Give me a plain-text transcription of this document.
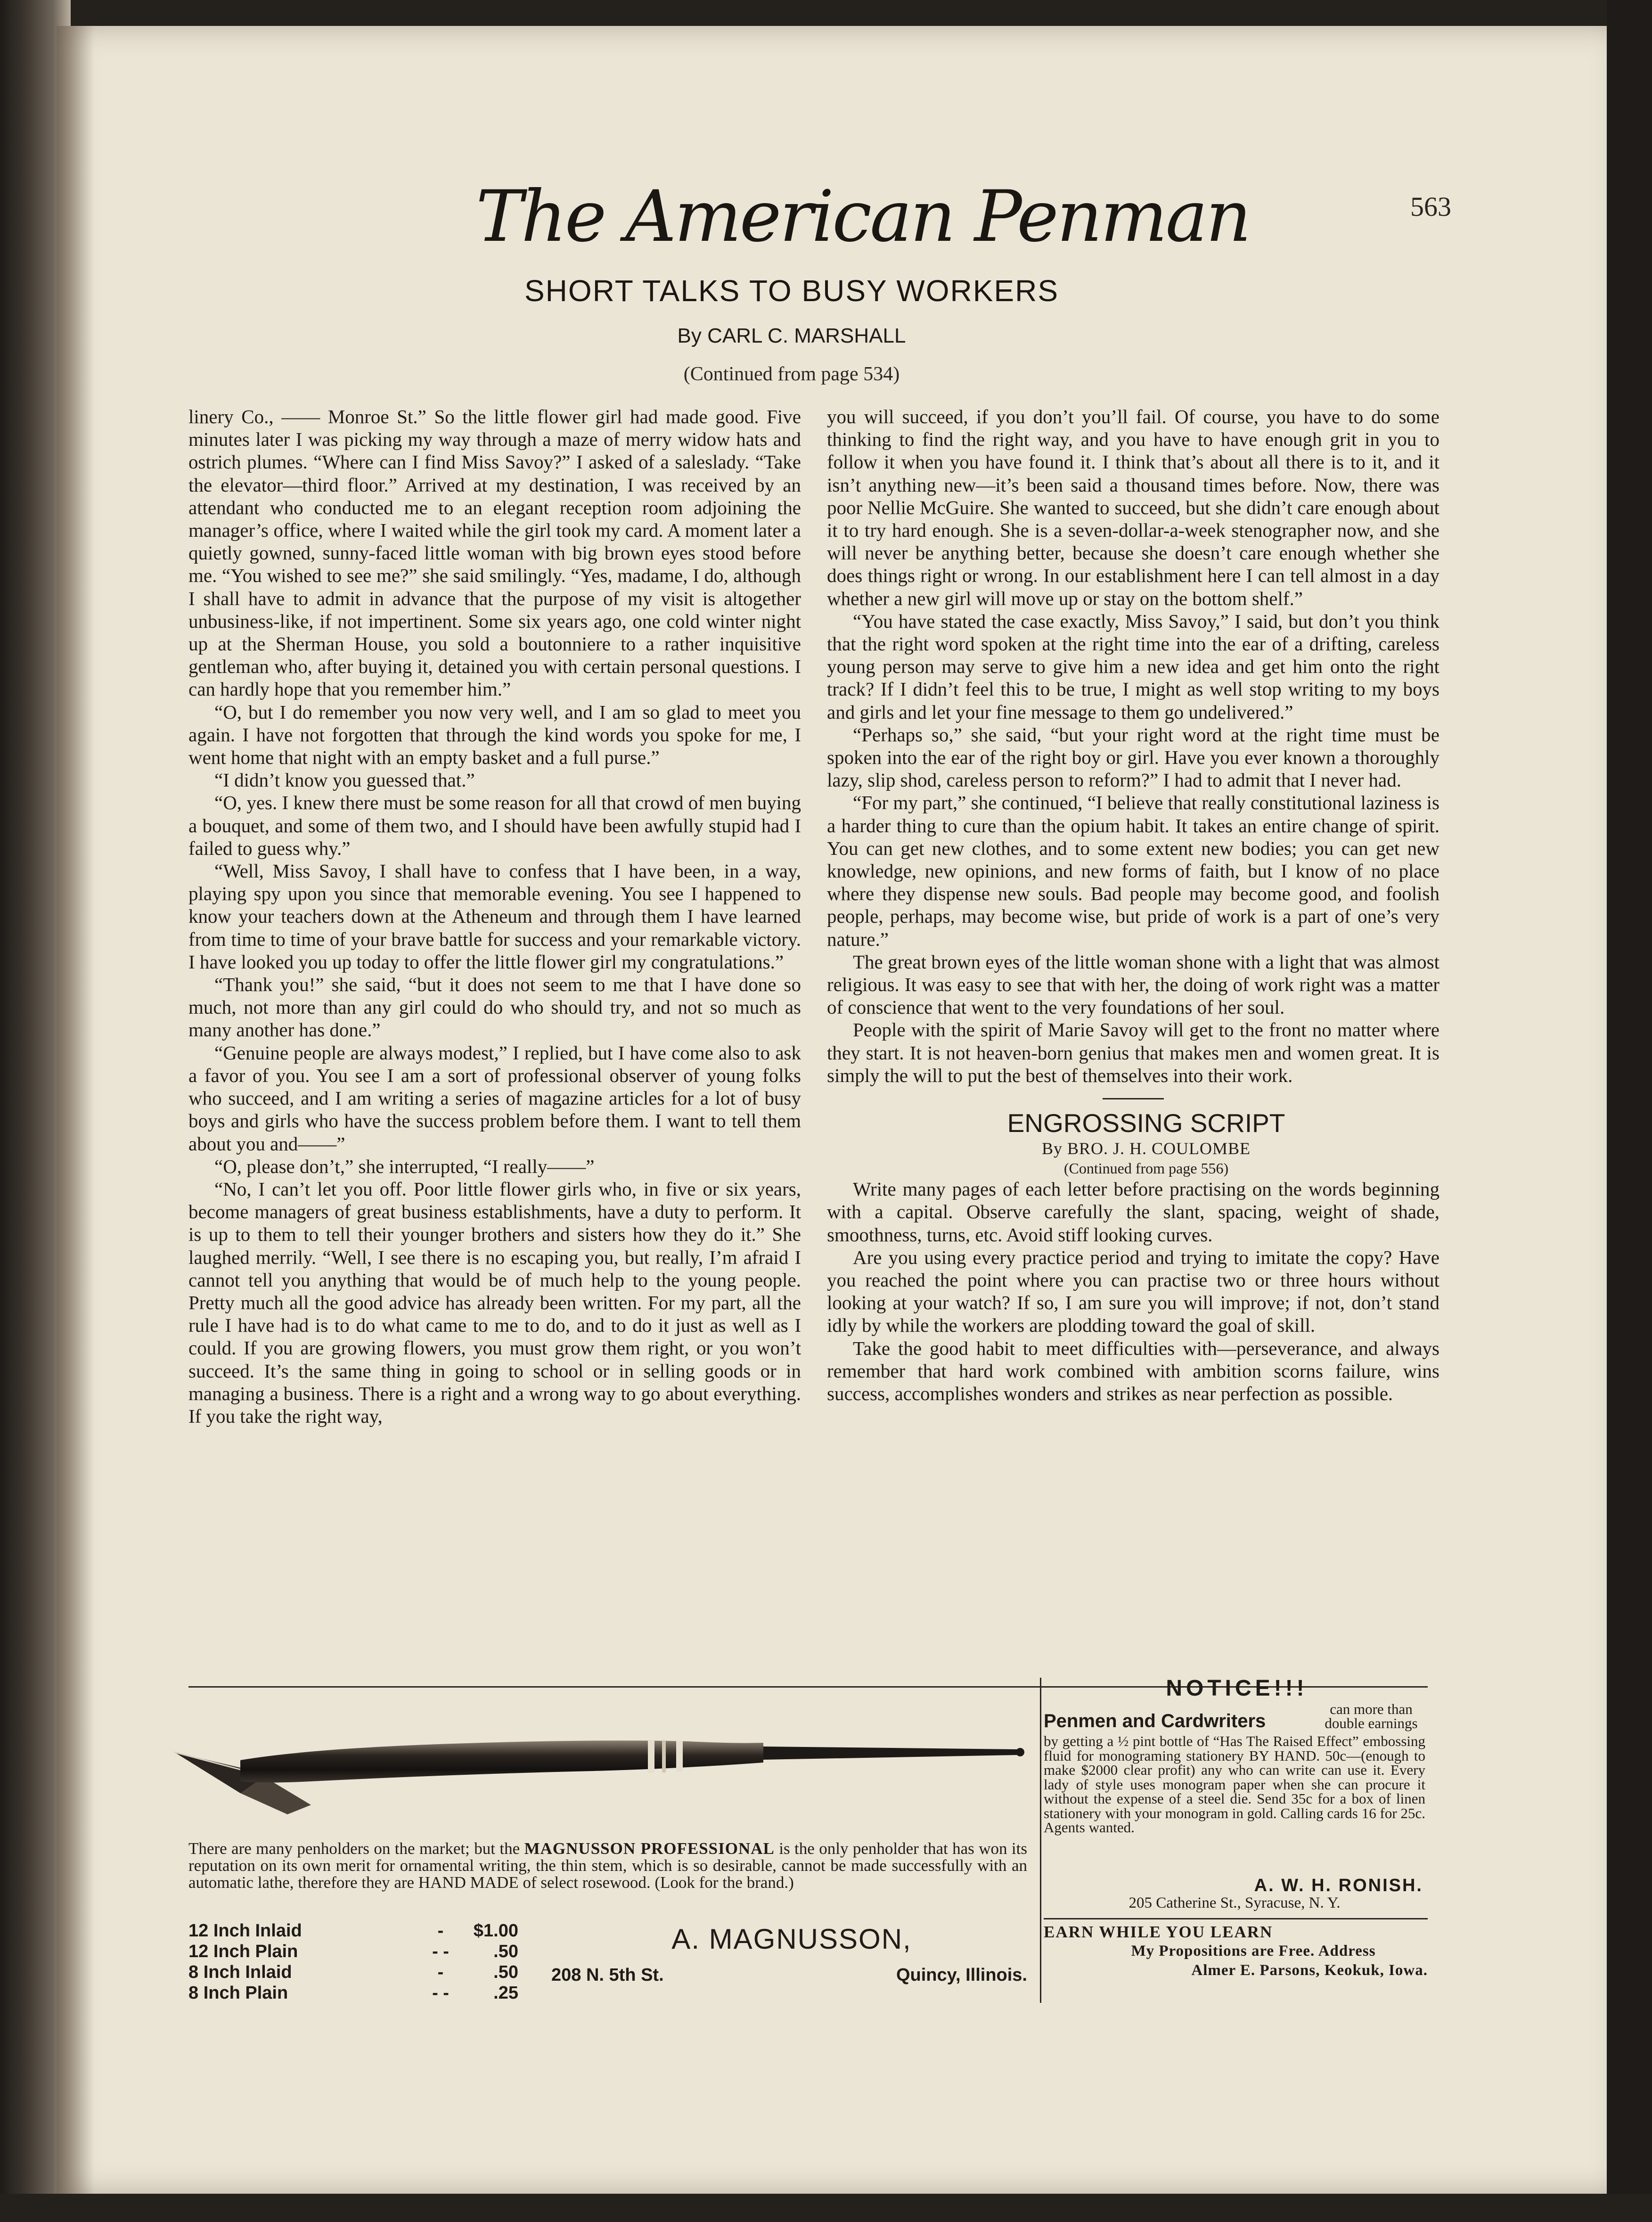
The American Penman	563
SHORT TALKS TO BUSY WORKERS
By CARL C. MARSHALL
(Continued from page 534)

linery Co., —— Monroe St.” So the little flower girl had made good. Five minutes later I was picking my way through a maze of merry widow hats and ostrich plumes. “Where can I find Miss Savoy?” I asked of a saleslady. “Take the elevator—third floor.” Arrived at my destination, I was received by an attendant who conducted me to an elegant reception room adjoining the manager’s office, where I waited while the girl took my card. A moment later a quietly gowned, sunny-faced little woman with big brown eyes stood before me. “You wished to see me?” she said smilingly. “Yes, madame, I do, although I shall have to admit in advance that the purpose of my visit is altogether unbusiness-like, if not impertinent. Some six years ago, one cold winter night up at the Sherman House, you sold a boutonniere to a rather inquisitive gentleman who, after buying it, detained you with certain personal questions. I can hardly hope that you remember him.”

“O, but I do remember you now very well, and I am so glad to meet you again. I have not forgotten that through the kind words you spoke for me, I went home that night with an empty basket and a full purse.”

“I didn’t know you guessed that.”

“O, yes. I knew there must be some reason for all that crowd of men buying a bouquet, and some of them two, and I should have been awfully stupid had I failed to guess why.”

“Well, Miss Savoy, I shall have to confess that I have been, in a way, playing spy upon you since that memorable evening. You see I happened to know your teachers down at the Atheneum and through them I have learned from time to time of your brave battle for success and your remarkable victory. I have looked you up today to offer the little flower girl my congratulations.”

“Thank you!” she said, “but it does not seem to me that I have done so much, not more than any girl could do who should try, and not so much as many another has done.”

“Genuine people are always modest,” I replied, but I have come also to ask a favor of you. You see I am a sort of professional observer of young folks who succeed, and I am writing a series of magazine articles for a lot of busy boys and girls who have the success problem before them. I want to tell them about you and——”

“O, please don’t,” she interrupted, “I really——”

“No, I can’t let you off. Poor little flower girls who, in five or six years, become managers of great business establishments, have a duty to perform. It is up to them to tell their younger brothers and sisters how they do it.” She laughed merrily. “Well, I see there is no escaping you, but really, I’m afraid I cannot tell you anything that would be of much help to the young people. Pretty much all the good advice has already been written. For my part, all the rule I have had is to do what came to me to do, and to do it just as well as I could. If you are growing flowers, you must grow them right, or you won’t succeed. It’s the same thing in going to school or in selling goods or in managing a business. There is a right and a wrong way to go about everything. If you take the right way,

you will succeed, if you don’t you’ll fail. Of course, you have to do some thinking to find the right way, and you have to have enough grit in you to follow it when you have found it. I think that’s about all there is to it, and it isn’t anything new—it’s been said a thousand times before. Now, there was poor Nellie McGuire. She wanted to succeed, but she didn’t care enough about it to try hard enough. She is a seven-dollar-a-week stenographer now, and she will never be anything better, because she doesn’t care enough whether she does things right or wrong. In our establishment here I can tell almost in a day whether a new girl will move up or stay on the bottom shelf.”

“You have stated the case exactly, Miss Savoy,” I said, but don’t you think that the right word spoken at the right time into the ear of a drifting, careless young person may serve to give him a new idea and get him onto the right track? If I didn’t feel this to be true, I might as well stop writing to my boys and girls and let your fine message to them go undelivered.”

“Perhaps so,” she said, “but your right word at the right time must be spoken into the ear of the right boy or girl. Have you ever known a thoroughly lazy, slip shod, careless person to reform?” I had to admit that I never had.

“For my part,” she continued, “I believe that really constitutional laziness is a harder thing to cure than the opium habit. It takes an entire change of spirit. You can get new clothes, and to some extent new bodies; you can get new knowledge, new opinions, and new forms of faith, but I know of no place where they dispense new souls. Bad people may become good, and foolish people, perhaps, may become wise, but pride of work is a part of one’s very nature.”

The great brown eyes of the little woman shone with a light that was almost religious. It was easy to see that with her, the doing of work right was a matter of conscience that went to the very foundations of her soul.

People with the spirit of Marie Savoy will get to the front no matter where they start. It is not heaven-born genius that makes men and women great. It is simply the will to put the best of themselves into their work.

ENGROSSING SCRIPT

By BRO. J. H. COULOMBE

(Continued from page 556)

Write many pages of each letter before practising on the words beginning with a capital. Observe carefully the slant, spacing, weight of shade, smoothness, turns, etc. Avoid stiff looking curves.

Are you using every practice period and trying to imitate the copy? Have you reached the point where you can practise two or three hours without looking at your watch? If so, I am sure you will improve; if not, don’t stand idly by while the workers are plodding toward the goal of skill.

Take the good habit to meet difficulties with—perseverance, and always remember that hard work combined with ambition scorns failure, wins success, accomplishes wonders and strikes as near perfection as possible.

There are many penholders on the market; but the MAGNUSSON PROFESSIONAL is the only penholder that has won its reputation on its own merit for ornamental writing, the thin stem, which is so desirable, cannot be made successfully with an automatic lathe, therefore they are HAND MADE of select rosewood. (Look for the brand.)
12 Inch Inlaid	-	$1.00
12 Inch Plain	- -	.50
8 Inch Inlaid	-	.50
8 Inch Plain	- -	.25
A. MAGNUSSON,
208 N. 5th St.	Quincy, Illinois.
NOTICE!!!
Penmen and Cardwriters
can more than double earnings
by getting a ½ pint bottle of “Has The Raised Effect” embossing fluid for monograming stationery BY HAND. 50c—(enough to make $2000 clear profit) any who can write can use it. Every lady of style uses monogram paper when she can procure it without the expense of a steel die. Send 35c for a box of linen stationery with your monogram in gold. Calling cards 16 for 25c. Agents wanted.
A. W. H. RONISH.
205 Catherine St., Syracuse, N. Y.
EARN WHILE YOU LEARN
My Propositions are Free. Address
Almer E. Parsons, Keokuk, Iowa.
